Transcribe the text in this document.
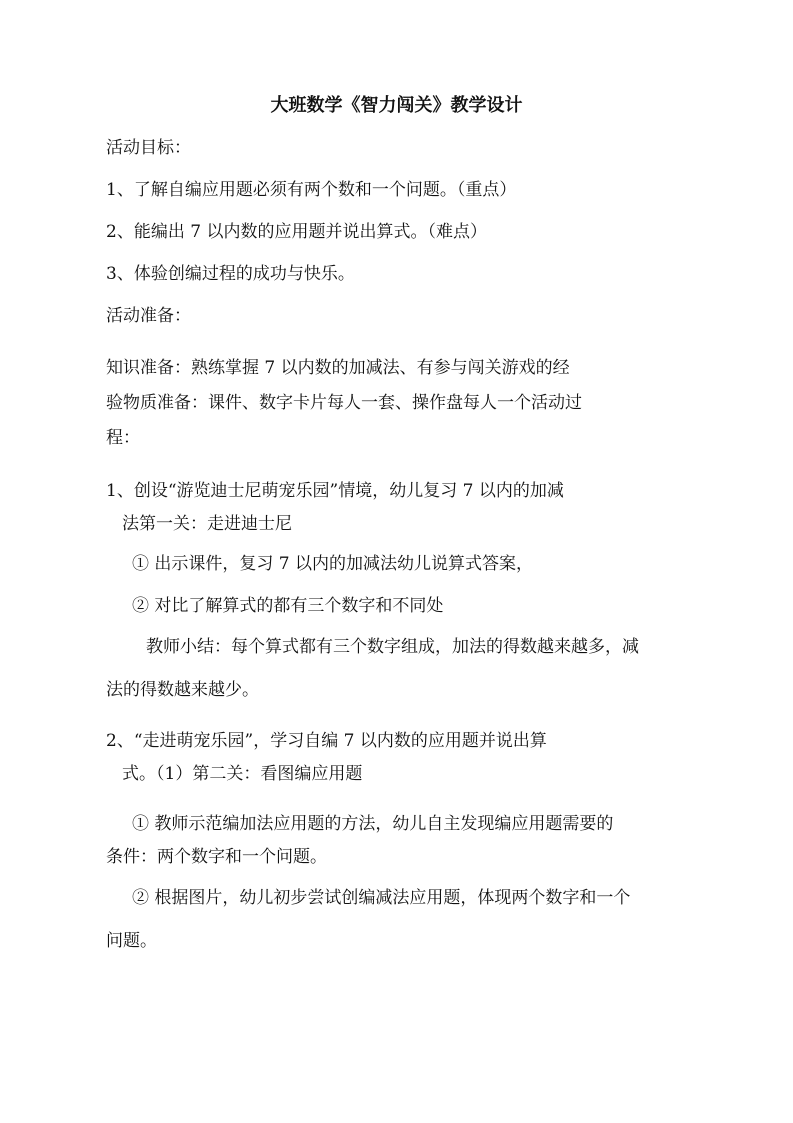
大班数学《智力闯关》教学设计
活动目标：
1、了解自编应用题必须有两个数和一个问题。（重点）
2、能编出 7 以内数的应用题并说出算式。（难点）
3、体验创编过程的成功与快乐。
活动准备：
知识准备：熟练掌握 7 以内数的加减法、有参与闯关游戏的经
验物质准备：课件、数字卡片每人一套、操作盘每人一个活动过
程：
1、创设“游览迪士尼萌宠乐园”情境，幼儿复习 7 以内的加减
法第一关：走进迪士尼
① 出示课件，复习 7 以内的加减法幼儿说算式答案，
② 对比了解算式的都有三个数字和不同处
教师小结：每个算式都有三个数字组成，加法的得数越来越多，减
法的得数越来越少。
2、“走进萌宠乐园”，学习自编 7 以内数的应用题并说出算
式。（1）第二关：看图编应用题
① 教师示范编加法应用题的方法，幼儿自主发现编应用题需要的
条件：两个数字和一个问题。
② 根据图片，幼儿初步尝试创编减法应用题，体现两个数字和一个
问题。
